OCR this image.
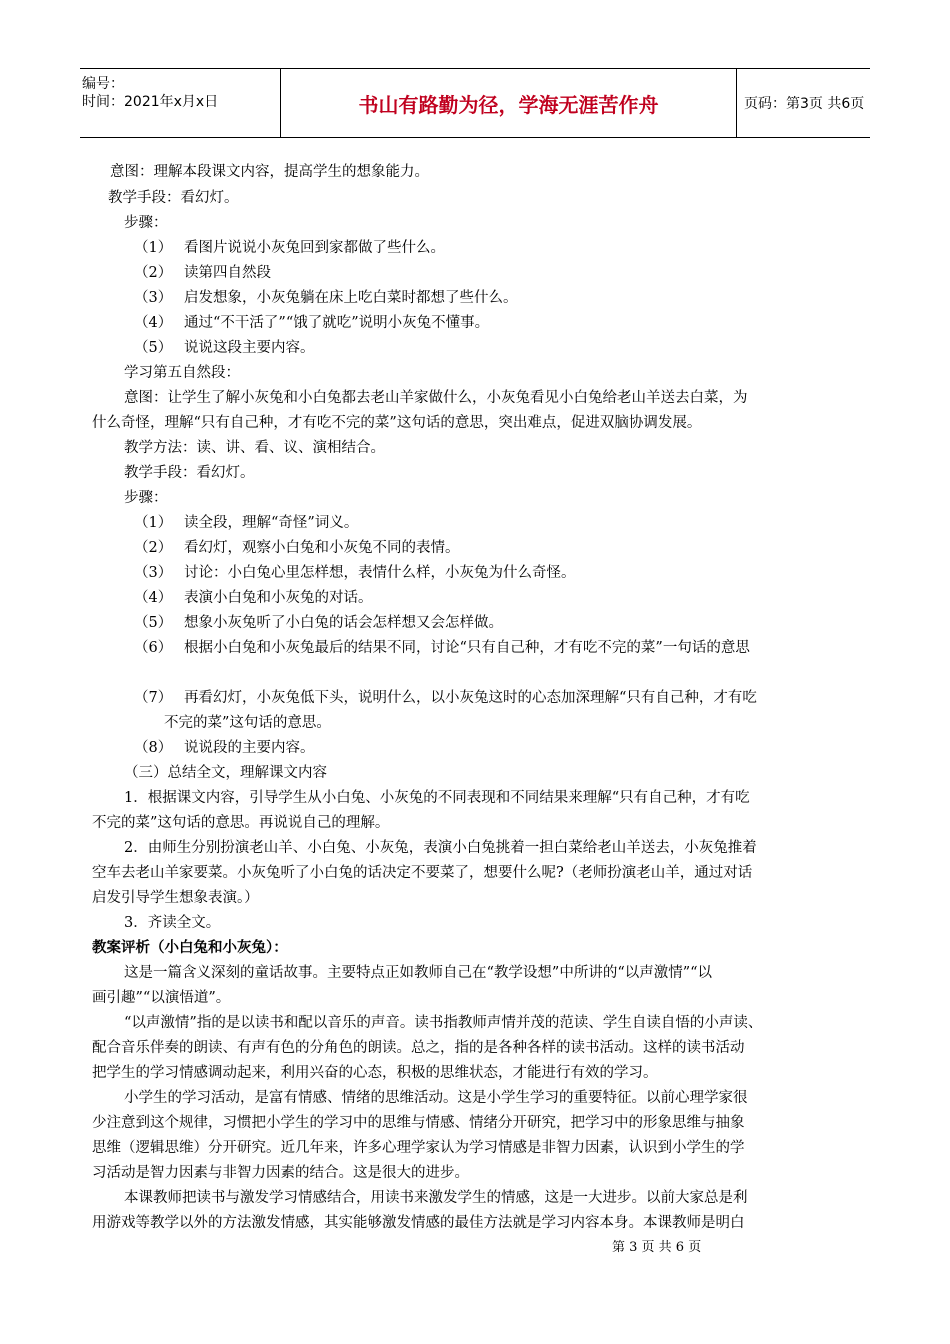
编号：
时间：2021年x月x日	书山有路勤为径，学海无涯苦作舟	页码：第3页 共6页
意图：理解本段课文内容，提高学生的想象能力。
教学手段：看幻灯。
步骤：
（1） 看图片说说小灰兔回到家都做了些什么。
（2） 读第四自然段
（3） 启发想象，小灰兔躺在床上吃白菜时都想了些什么。
（4） 通过“不干活了”“饿了就吃”说明小灰兔不懂事。
（5） 说说这段主要内容。
学习第五自然段：
意图：让学生了解小灰兔和小白兔都去老山羊家做什么，小灰兔看见小白兔给老山羊送去白菜，为
什么奇怪，理解“只有自己种，才有吃不完的菜”这句话的意思，突出难点，促进双脑协调发展。
教学方法：读、讲、看、议、演相结合。
教学手段：看幻灯。
步骤：
（1） 读全段，理解“奇怪”词义。
（2） 看幻灯，观察小白兔和小灰兔不同的表情。
（3） 讨论：小白兔心里怎样想，表情什么样，小灰兔为什么奇怪。
（4） 表演小白兔和小灰兔的对话。
（5） 想象小灰兔听了小白兔的话会怎样想又会怎样做。
（6） 根据小白兔和小灰兔最后的结果不同，讨论“只有自己种，才有吃不完的菜”一句话的意思
（7） 再看幻灯，小灰兔低下头，说明什么，以小灰兔这时的心态加深理解“只有自己种，才有吃
不完的菜”这句话的意思。
（8） 说说段的主要内容。
（三）总结全文，理解课文内容
1．根据课文内容，引导学生从小白兔、小灰兔的不同表现和不同结果来理解“只有自己种，才有吃
不完的菜”这句话的意思。再说说自己的理解。
2．由师生分别扮演老山羊、小白兔、小灰兔，表演小白兔挑着一担白菜给老山羊送去，小灰兔推着
空车去老山羊家要菜。小灰兔听了小白兔的话决定不要菜了，想要什么呢?（老师扮演老山羊，通过对话
启发引导学生想象表演。）
3．齐读全文。
教案评析（小白兔和小灰兔）：
这是一篇含义深刻的童话故事。主要特点正如教师自己在“教学设想”中所讲的“以声激情”“以
画引趣”“以演悟道”。
“以声激情”指的是以读书和配以音乐的声音。读书指教师声情并茂的范读、学生自读自悟的小声读、
配合音乐伴奏的朗读、有声有色的分角色的朗读。总之，指的是各种各样的读书活动。这样的读书活动
把学生的学习情感调动起来，利用兴奋的心态，积极的思维状态，才能进行有效的学习。
小学生的学习活动，是富有情感、情绪的思维活动。这是小学生学习的重要特征。以前心理学家很
少注意到这个规律，习惯把小学生的学习中的思维与情感、情绪分开研究，把学习中的形象思维与抽象
思维（逻辑思维）分开研究。近几年来，许多心理学家认为学习情感是非智力因素，认识到小学生的学
习活动是智力因素与非智力因素的结合。这是很大的进步。
本课教师把读书与激发学习情感结合，用读书来激发学生的情感，这是一大进步。以前大家总是利
用游戏等教学以外的方法激发情感，其实能够激发情感的最佳方法就是学习内容本身。本课教师是明白
第 3 页 共 6 页
